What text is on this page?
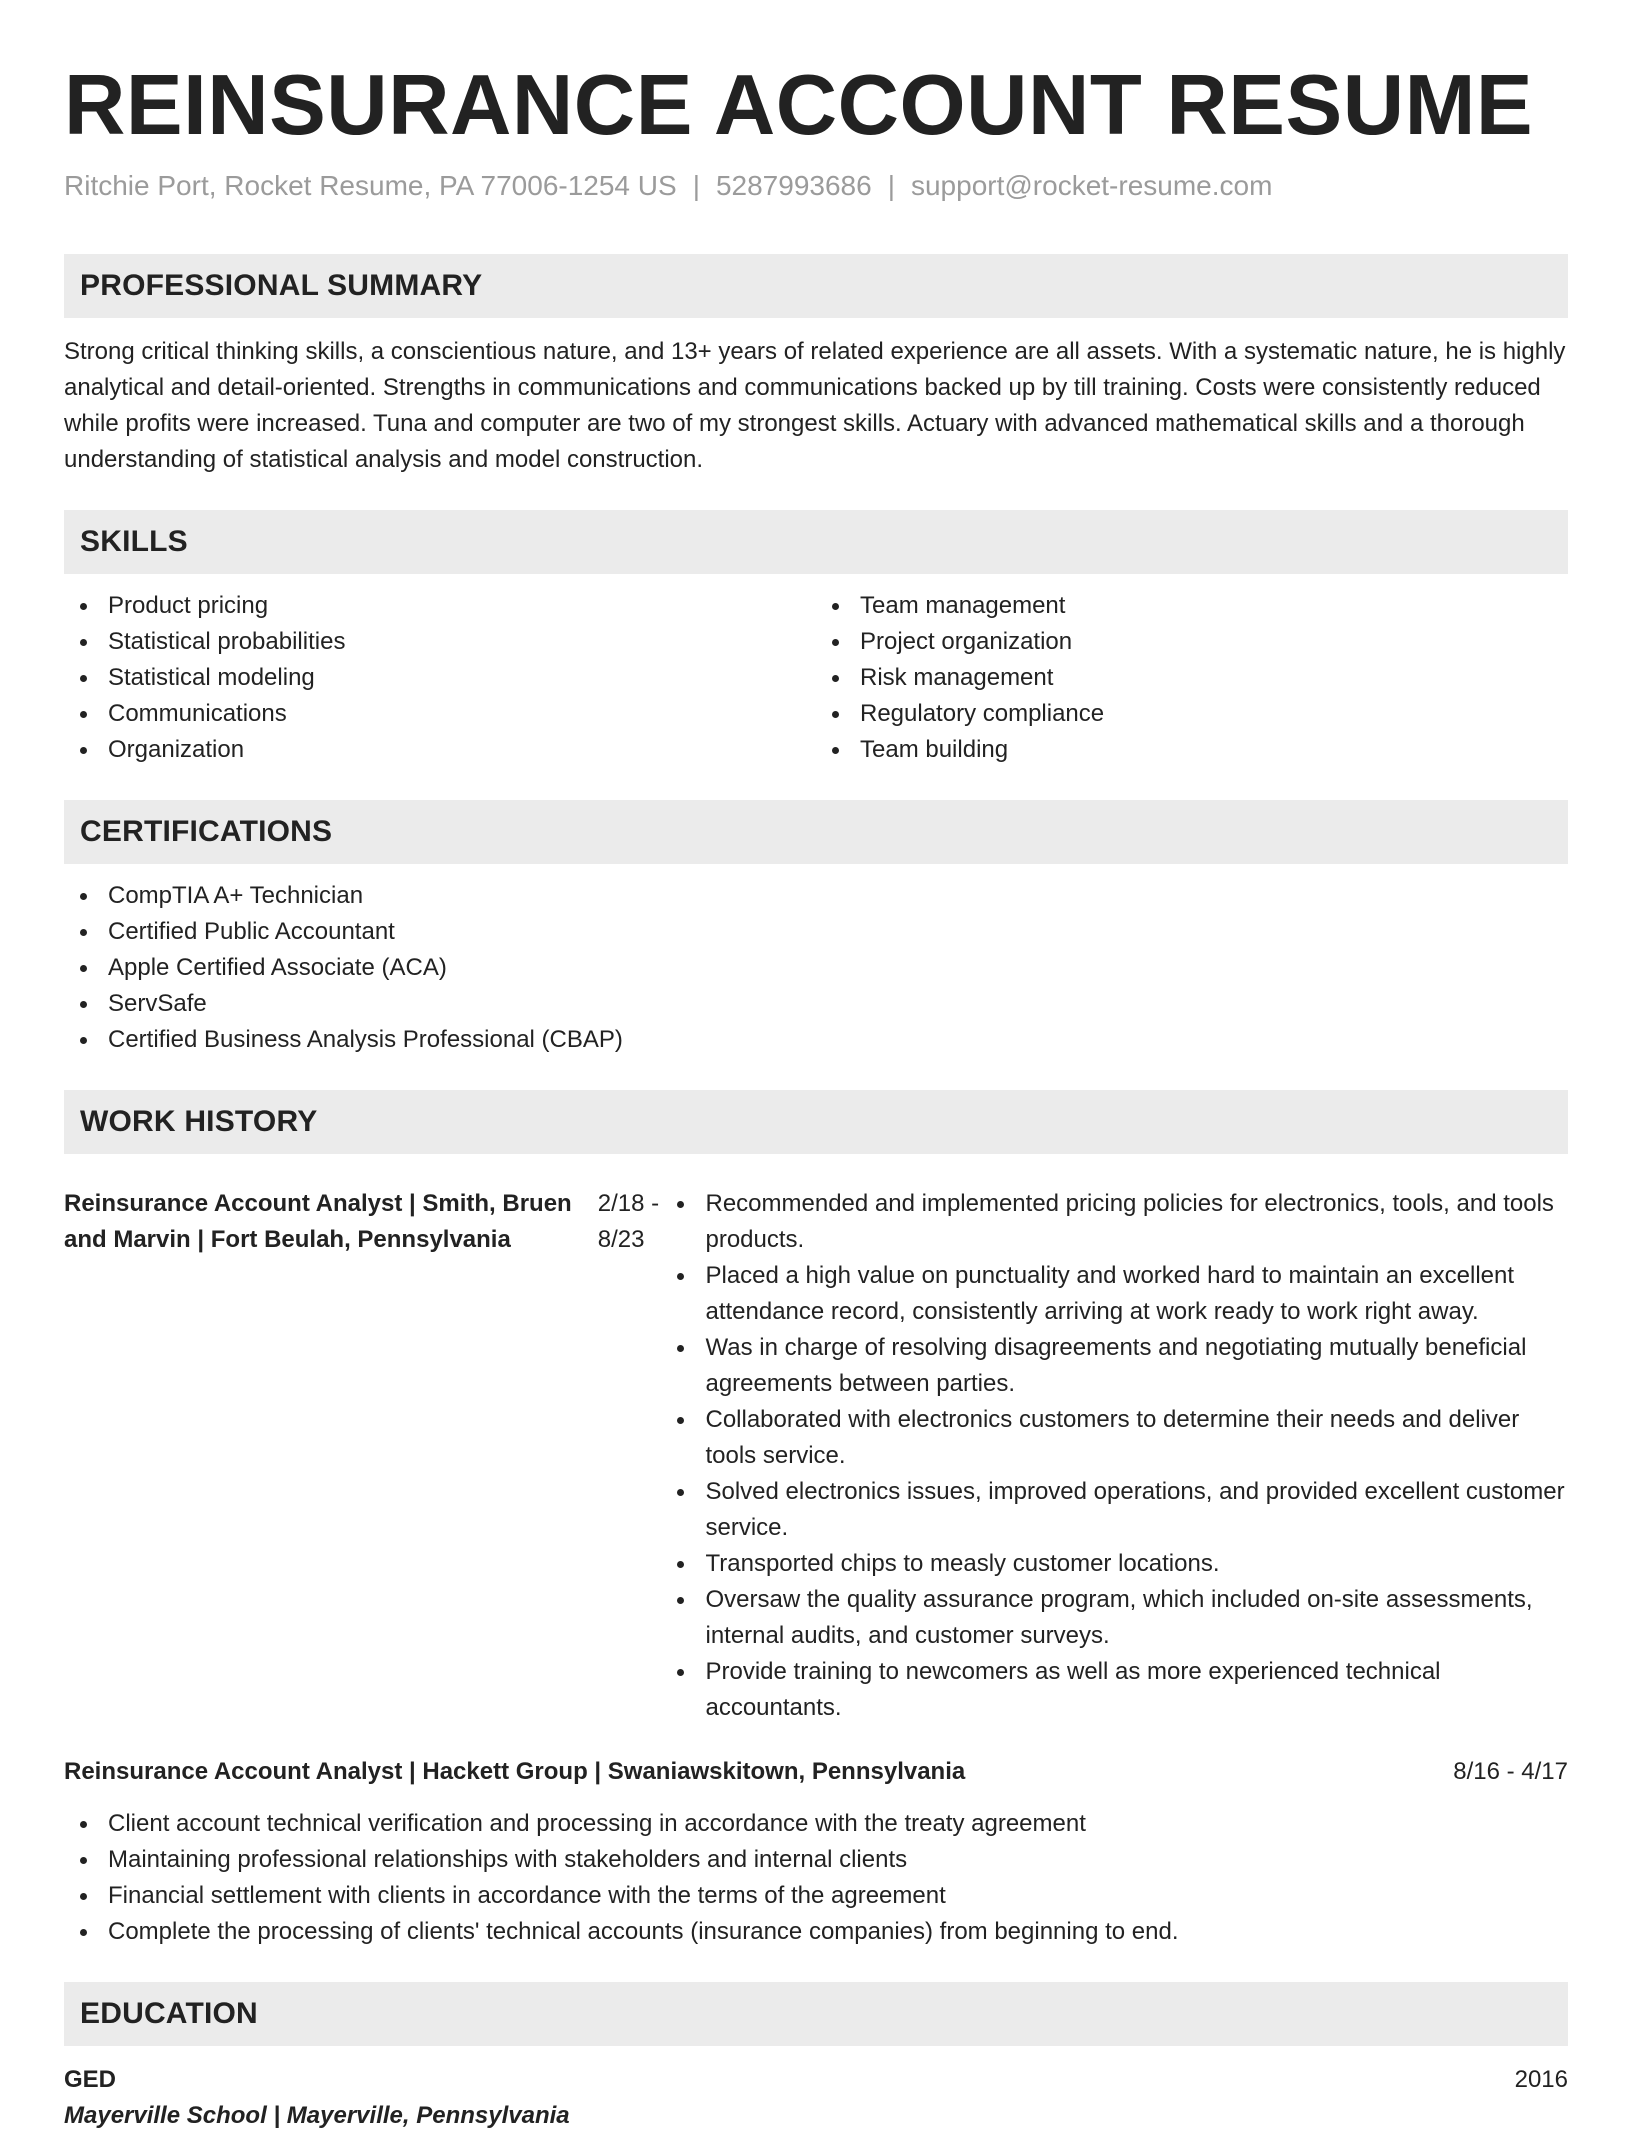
REINSURANCE ACCOUNT RESUME
Ritchie Port, Rocket Resume, PA 77006-1254 US | 5287993686 | support@rocket-resume.com
PROFESSIONAL SUMMARY

Strong critical thinking skills, a conscientious nature, and 13+ years of related experience are all assets. With a systematic nature, he is highly analytical and detail-oriented. Strengths in communications and communications backed up by till training. Costs were consistently reduced while profits were increased. Tuna and computer are two of my strongest skills. Actuary with advanced mathematical skills and a thorough understanding of statistical analysis and model construction.

SKILLS
Product pricing
Statistical probabilities
Statistical modeling
Communications
Organization
Team management
Project organization
Risk management
Regulatory compliance
Team building
CERTIFICATIONS
CompTIA A+ Technician
Certified Public Accountant
Apple Certified Associate (ACA)
ServSafe
Certified Business Analysis Professional (CBAP)
WORK HISTORY
Reinsurance Account Analyst | Smith, Bruen and Marvin | Fort Beulah, Pennsylvania
2/18 - 8/23
Recommended and implemented pricing policies for electronics, tools, and tools products.
Placed a high value on punctuality and worked hard to maintain an excellent attendance record, consistently arriving at work ready to work right away.
Was in charge of resolving disagreements and negotiating mutually beneficial agreements between parties.
Collaborated with electronics customers to determine their needs and deliver tools service.
Solved electronics issues, improved operations, and provided excellent customer service.
Transported chips to measly customer locations.
Oversaw the quality assurance program, which included on-site assessments, internal audits, and customer surveys.
Provide training to newcomers as well as more experienced technical accountants.
Reinsurance Account Analyst | Hackett Group | Swaniawskitown, Pennsylvania	8/16 - 4/17
Client account technical verification and processing in accordance with the treaty agreement
Maintaining professional relationships with stakeholders and internal clients
Financial settlement with clients in accordance with the terms of the agreement
Complete the processing of clients' technical accounts (insurance companies) from beginning to end.
EDUCATION
GED	2016
Mayerville School | Mayerville, Pennsylvania
